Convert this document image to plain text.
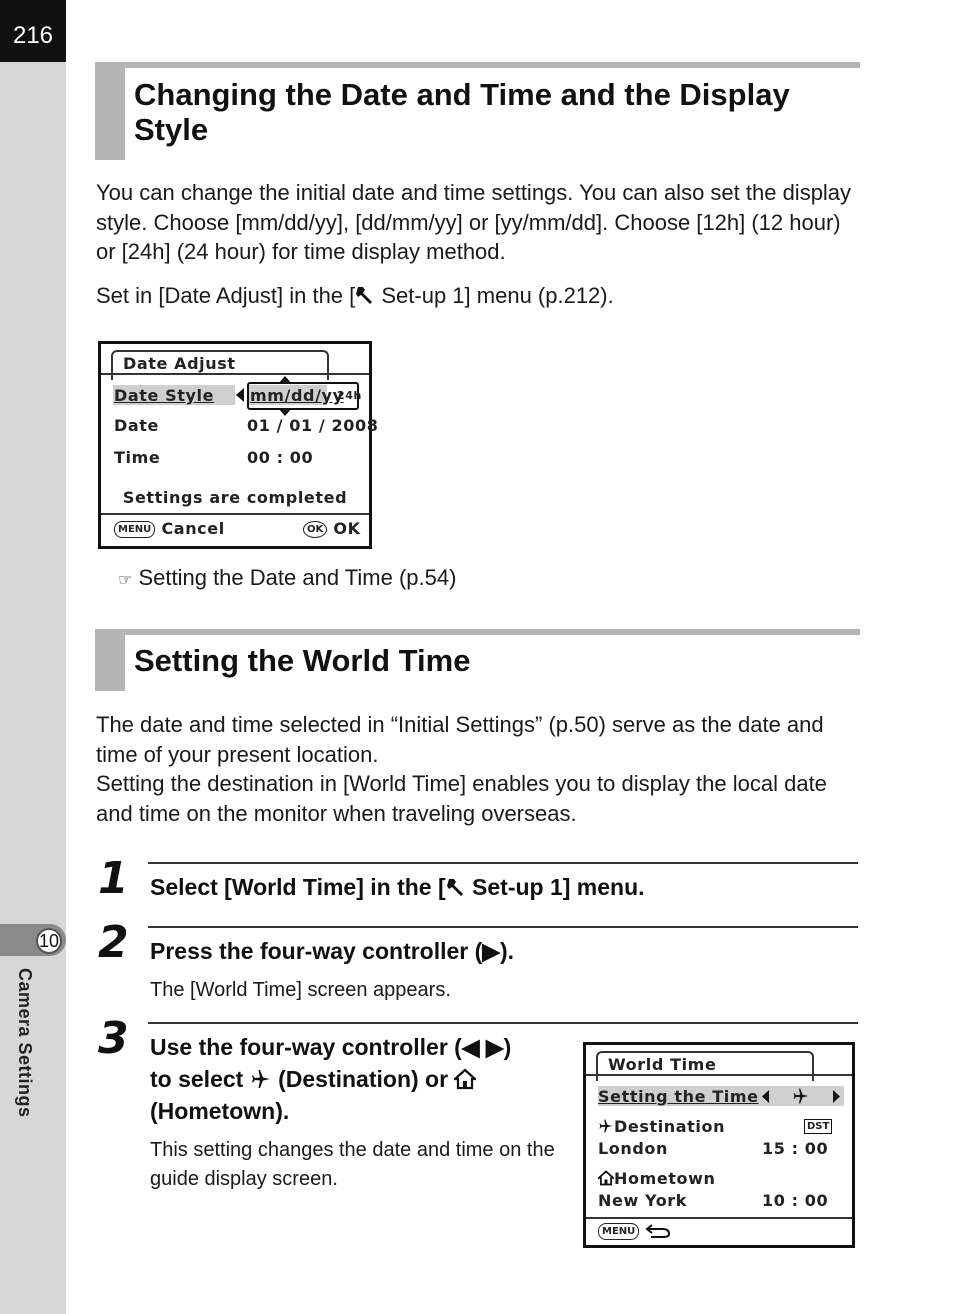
216
10
Camera Settings
Changing the Date and Time and the Display Style

You can change the initial date and time settings. You can also set the display style. Choose [mm/dd/yy], [dd/mm/yy] or [yy/mm/dd]. Choose [12h] (12 hour) or [24h] (24 hour) for time display method.

Set in [Date Adjust] in the [ Set-up 1] menu (p.212).

Date Adjust
Date Style mm/dd/yy
24h
Date	01 / 01 / 2008
Time	00 : 00
Settings are completed
MENU Cancel	OK OK
☞ Setting the Date and Time (p.54)
Setting the World Time

The date and time selected in “Initial Settings” (p.50) serve as the date and time of your present location.
Setting the destination in [World Time] enables you to display the local date and time on the monitor when traveling overseas.

1 Select [World Time] in the [ Set-up 1] menu.
2 Press the four-way controller (▶).
The [World Time] screen appears.
3 Use the four-way controller (◀ ▶)
to select  (Destination) or
(Hometown).
This setting changes the date and time on the guide display screen.
World Time
Setting the Time
Destination	DST
London	15 : 00
Hometown
New York	10 : 00
MENU
